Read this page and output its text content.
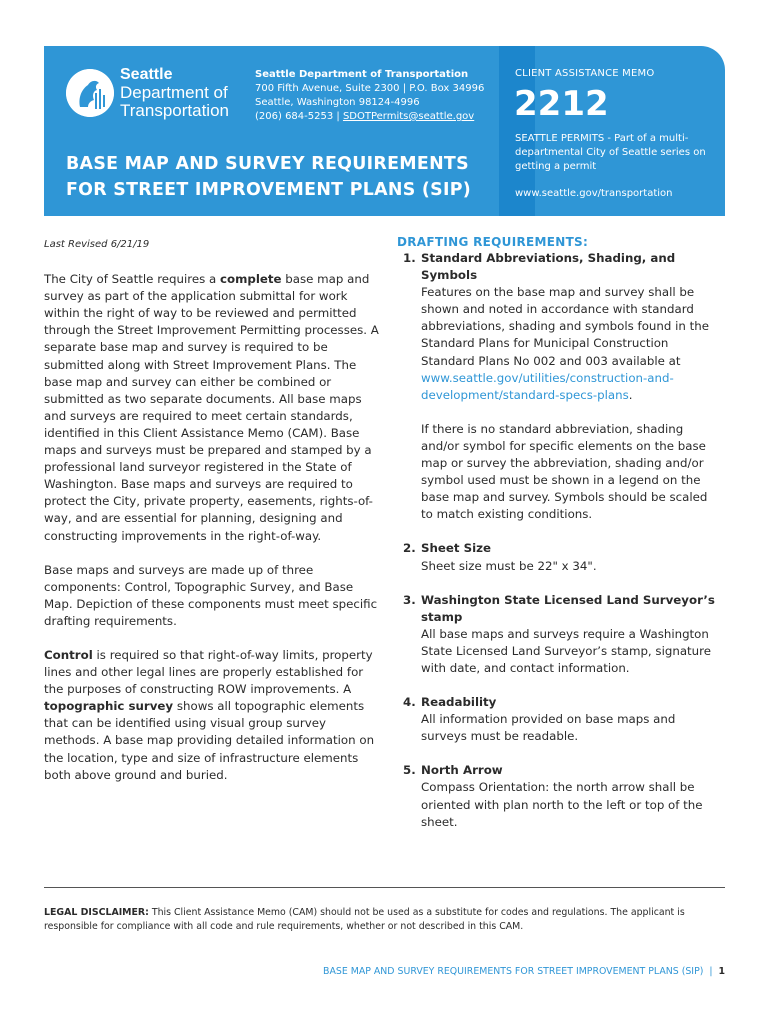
Seattle
Department of
Transportation
Seattle Department of Transportation
700 Fifth Avenue, Suite 2300 | P.O. Box 34996
Seattle, Washington 98124-4996
(206) 684-5253 | SDOTPermits@seattle.gov
BASE MAP AND SURVEY REQUIREMENTS
FOR STREET IMPROVEMENT PLANS (SIP)
CLIENT ASSISTANCE MEMO
2212
SEATTLE PERMITS - Part of a multi-departmental City of Seattle series on getting a permit
www.seattle.gov/transportation
Last Revised 6/21/19

The City of Seattle requires a complete base map and survey as part of the application submittal for work within the right of way to be reviewed and permitted through the Street Improvement Permitting processes. A separate base map and survey is required to be submitted along with Street Improvement Plans. The base map and survey can either be combined or submitted as two separate documents. All base maps and surveys are required to meet certain standards, identified in this Client Assistance Memo (CAM). Base maps and surveys must be prepared and stamped by a professional land surveyor registered in the State of Washington. Base maps and surveys are required to protect the City, private property, easements, rights-of-way, and are essential for planning, designing and constructing improvements in the right-of-way.

Base maps and surveys are made up of three components: Control, Topographic Survey, and Base Map. Depiction of these components must meet specific drafting requirements.

Control is required so that right-of-way limits, property lines and other legal lines are properly established for the purposes of constructing ROW improvements. A topographic survey shows all topographic elements that can be identified using visual group survey methods. A base map providing detailed information on the location, type and size of infrastructure elements both above ground and buried.

DRAFTING REQUIREMENTS:
1. Standard Abbreviations, Shading, and Symbols
Features on the base map and survey shall be shown and noted in accordance with standard abbreviations, shading and symbols found in the Standard Plans for Municipal Construction Standard Plans No 002 and 003 available at www.seattle.gov/utilities/construction-and-development/standard-specs-plans.

If there is no standard abbreviation, shading and/or symbol for specific elements on the base map or survey the abbreviation, shading and/or symbol used must be shown in a legend on the base map and survey. Symbols should be scaled to match existing conditions.

2. Sheet Size
Sheet size must be 22" x 34".
3. Washington State Licensed Land Surveyor’s stamp
All base maps and surveys require a Washington State Licensed Land Surveyor’s stamp, signature with date, and contact information.
4. Readability
All information provided on base maps and surveys must be readable.
5. North Arrow
Compass Orientation: the north arrow shall be oriented with plan north to the left or top of the sheet.
LEGAL DISCLAIMER: This Client Assistance Memo (CAM) should not be used as a substitute for codes and regulations. The applicant is responsible for compliance with all code and rule requirements, whether or not described in this CAM.
BASE MAP AND SURVEY REQUIREMENTS FOR STREET IMPROVEMENT PLANS (SIP)  |  1
